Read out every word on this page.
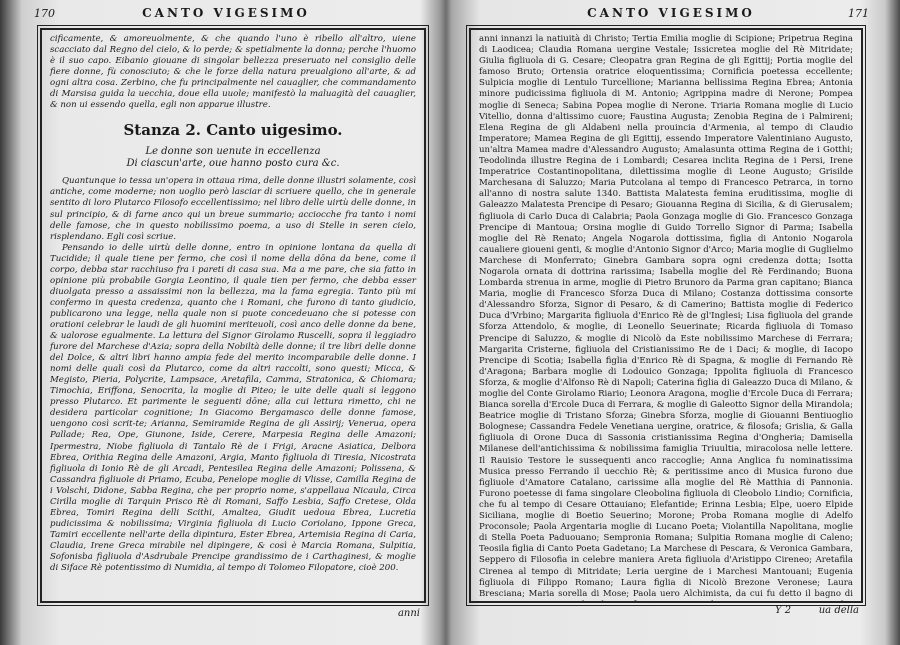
170	CANTO VIGESIMO

cificamente, & amoreuolmente, & che quando l'uno è ribello all'altro, uiene scacciato dal Regno del cielo, & lo perde; & spetialmente la donna; perche l'huomo è il suo capo. Eibanio giouane di singolar bellezza preseruato nel consiglio delle fiere donne, fù conosciuto; & che le forze della natura preualgiono all'arte, & ad ogni altra cosa. Zerbino, che fu principalmente nel cauaglier, che commandamento di Marsisa guida la uecchia, doue ella uuole; manifestò la maluagità del cauaglier, & non ui essendo quella, egli non apparue illustre.

Stanza 2. Canto uigesimo.
Le donne son uenute in eccellenza
Di ciascun'arte, oue hanno posto cura &c.

Quantunque io tessa un'opera in ottaua rima, delle donne illustri solamente, così antiche, come moderne; non uoglio però lasciar di scriuere quello, che in generale sentito di loro Plutarco Filosofo eccellentissimo; nel libro delle uirtù delle donne, in sul principio, & di farne anco qui un breue summario; acciocche fra tanto i nomi delle famose, che in questo nobilissimo poema, a uso di Stelle in seren cielo, risplendano. Egli così scriue.

Pensando io delle uirtù delle donne, entro in opinione lontana da quella di Tucidide; il quale tiene per fermo, che così il nome della dōna da bene, come il corpo, debba star racchiuso fra i pareti di casa sua. Ma a me pare, che sia fatto in opinione più probabile Gorgia Leontino, il quale tien per fermo, che debba esser diuolgata presso a assaissimi non la bellezza, ma la fama egregia. Tanto più mi confermo in questa credenza, quanto che i Romani, che furono di tanto giudicio, publicarono una legge, nella quale non si puote concedeuano che si potesse con orationi celebrar le laudi de gli huomini meriteuoli, così anco delle donne da bene, & ualorose egualmente. La lettura del Signor Girolamo Ruscelli, sopra il leggiadro furore del Marchese d'Azia; sopra della Nobiltà delle donne; il tre libri delle donne del Dolce, & altri libri hanno ampia fede del merito incomparabile delle donne. I nomi delle quali così da Plutarco, come da altri raccolti, sono questi; Micca, & Megisto, Pieria, Polycrite, Lampsace, Aretafila, Camma, Stratonica, & Chiomara; Timochia, Eriffona, Senocrita, la moglie di Piteo; le uite delle quali si leggono presso Plutarco. Et parimente le seguenti dōne; alla cui lettura rimetto, chi ne desidera particolar cognitione; In Giacomo Bergamasco delle donne famose, uengono così scrit-te; Arianna, Semiramide Regina de gli Assirij; Venerua, opera Pallade; Rea, Ope, Giunone, Iside, Cerere, Marpesia Regina delle Amazoni; Ipermestra, Niobe figliuola di Tantalo Rè de i Frigi, Aracne Asiatica, Delbora Ebrea, Orithia Regina delle Amazoni, Argia, Manto figliuola di Tiresia, Nicostrata figliuola di Ionio Rè de gli Arcadi, Pentesilea Regina delle Amazoni; Polissena, & Cassandra figliuole di Priamo, Ecuba, Penelope moglie di Vlisse, Camilla Regina de i Volschi, Didone, Sabba Regina, che per proprio nome, s'appellaua Nicaula, Circa Cirilla moglie di Tarquin Prisco Rè di Romani, Saffo Lesbia, Saffo Cretese, Olda Ebrea, Tomiri Regina delli Scithi, Amaltea, Giudit uedoua Ebrea, Lucretia pudicissima & nobilissima; Virginia figliuola di Lucio Coriolano, Ippone Greca, Tamiri eccellente nell'arte della dipintura, Ester Ebrea, Artemisia Regina di Caria, Claudia, Irene Greca mirabile nel dipingere, & così è Marcia Romana, Sulpitia, Sofonisba figliuola d'Asdrubale Prencipe grandissimo de i Carthaginesi, & moglie di Siface Rè potentissimo di Numidia, al tempo di Tolomeo Filopatore, cioè 200.

anni
CANTO VIGESIMO	171

anni innanzi la natiuità di Christo; Tertia Emilia moglie di Scipione; Pripetrua Regina di Laodicea; Claudia Romana uergine Vestale; Issicretea moglie del Rè Mitridate; Giulia figliuola di G. Cesare; Cleopatra gran Regina de gli Egittij; Portia moglie del famoso Bruto; Ortensia oratrice eloquentissima; Cornificia poetessa eccellente; Sulpicia moglie di Lentulo Turcellione; Marianna bellissima Regina Ebrea; Antonia minore pudicissima figliuola di M. Antonio; Agrippina madre di Nerone; Pompea moglie di Seneca; Sabina Popea moglie di Nerone. Triaria Romana moglie di Lucio Vitellio, donna d'altissimo cuore; Faustina Augusta; Zenobia Regina de i Palmireni; Elena Regina de gli Aldabeni nella prouincia d'Armenia, al tempo di Claudio Imperatore; Mamea Regina de gli Egittij, essendo Imperatore Valentiniano Augusto, un'altra Mamea madre d'Alessandro Augusto; Amalasunta ottima Regina de i Gotthi; Teodolinda illustre Regina de i Lombardi; Cesarea inclita Regina de i Persi, Irene Imperatrice Costantinopolitana, dilettissima moglie di Leone Augusto; Grisilde Marchesana di Saluzzo; Maria Putcolana al tempo di Francesco Petrarca, in torno all'anno di nostra salute 1340. Battista Malatesta femina eruditissima, moglie di Galeazzo Malatesta Prencipe di Pesaro; Giouanna Regina di Sicilia, & di Gierusalem; figliuola di Carlo Duca di Calabria; Paola Gonzaga moglie di Gio. Francesco Gonzaga Prencipe di Mantoua; Orsina moglie di Guido Torrello Signor di Parma; Isabella moglie del Rè Renato; Angela Nogarola dottissima, figlia di Antonio Nogarola caualiere gioueni genti, & moglie d'Antonio Signor d'Arco; Maria moglie di Guglielmo Marchese di Monferrato; Ginebra Gambara sopra ogni credenza dotta; Isotta Nogarola ornata di dottrina rarissima; Isabella moglie del Rè Ferdinando; Buona Lombarda strenua in arme, moglie di Pietro Brunoro da Parma gran capitano; Bianca Maria, moglie di Francesco Sforza Duca di Milano; Costanza dottissima consorte d'Alessandro Sforza, Signor di Pesaro, & di Camerino; Battista moglie di Federico Duca d'Vrbino; Margarita figliuola d'Enrico Rè de gl'Inglesi; Lisa figliuola del grande Sforza Attendolo, & moglie, di Leonello Seuerinate; Ricarda figliuola di Tomaso Prencipe di Saluzzo, & moglie di Nicolò da Este nobilissimo Marchese di Ferrara; Margarita Cristerne, figliuola del Cristianissimo Re de i Daci; & moglie, di Iacopo Prencipe di Scotia; Isabella figlia d'Enrico Rè di Spagna, & moglie di Fernando Rè d'Aragona; Barbara moglie di Lodouico Gonzaga; Ippolita figliuola di Francesco Sforza, & moglie d'Alfonso Rè di Napoli; Caterina figlia di Galeazzo Duca di Milano, & moglie del Conte Girolamo Riario; Leonora Aragona, moglie d'Ercole Duca di Ferrara; Bianca sorella d'Ercole Duca di Ferrara, & moglie di Galeotto Signor della Mirandola; Beatrice moglie di Tristano Sforza; Ginebra Sforza, moglie di Giouanni Bentiuoglio Bolognese; Cassandra Fedele Venetiana uergine, oratrice, & filosofa; Grislia, & Galla figliuola di Orone Duca di Sassonia cristianissima Regina d'Ongheria; Damisella Milanese dell'antichissima & nobilissima famiglia Triuultia, miracolosa nelle lettere. Il Rauisio Testore le sussequenti anco raccoglie; Anna Anglica fu nominatissima Musica presso Ferrando il uecchio Rè; & peritissime anco di Musica furono due figliuole d'Amatore Catalano, carissime alla moglie del Rè Matthia di Pannonia. Furono poetesse di fama singolare Cleobolina figliuola di Cleobolo Lindio; Cornificia, che fu al tempo di Cesare Ottauiano; Elefantide; Erinna Lesbia; Elpe, uoero Elpide Siciliana, moglie di Boetio Seuerino; Morone; Proba Romana moglie di Adelfo Proconsole; Paola Argentaria moglie di Lucano Poeta; Violantilla Napolitana, moglie di Stella Poeta Paduouano; Sempronia Romana; Sulpitia Romana moglie di Caleno; Teosila figlia di Canto Poeta Gadetano; La Marchese di Pescara, & Veronica Gambara, Seppero di Filosofia in celebre maniera Areta figliuola d'Aristippo Cireneo; Aretafila Cirenea al tempo di Mitridate; Leria uergine de i Marchesi Mantouani; Eugenia figliuola di Filippo Romano; Laura figlia di Nicolò Brezone Veronese; Laura Bresciana; Maria sorella di Mose; Paola uero Alchimista, da cui fu detto il bagno di

Y 2	ua della
